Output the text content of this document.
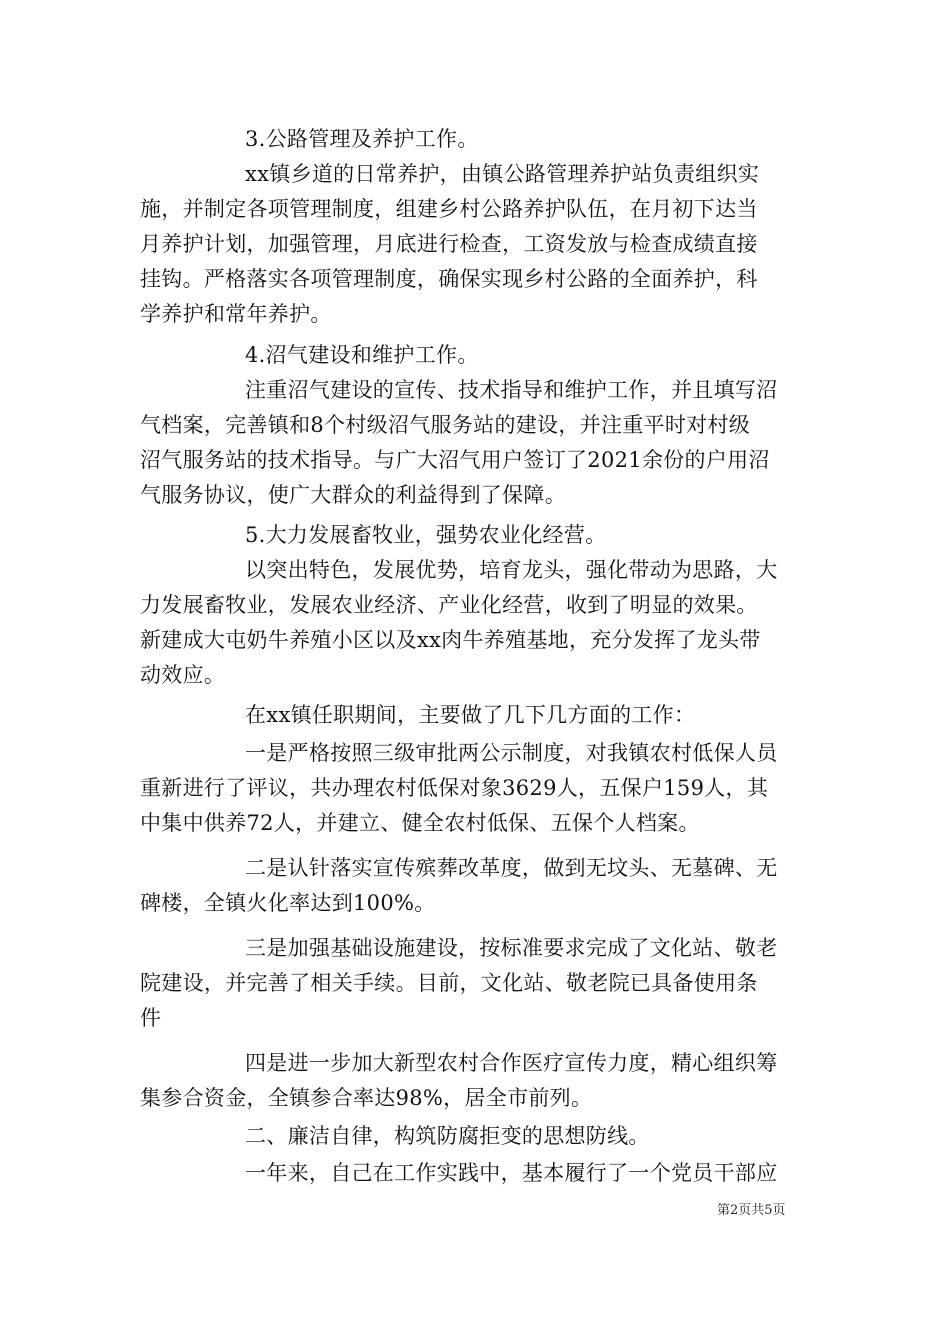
3.公路管理及养护工作。
xx镇乡道的日常养护，由镇公路管理养护站负责组织实
施，并制定各项管理制度，组建乡村公路养护队伍，在月初下达当
月养护计划，加强管理，月底进行检查，工资发放与检查成绩直接
挂钩。严格落实各项管理制度，确保实现乡村公路的全面养护，科
学养护和常年养护。
4.沼气建设和维护工作。
注重沼气建设的宣传、技术指导和维护工作，并且填写沼
气档案，完善镇和8个村级沼气服务站的建设，并注重平时对村级
沼气服务站的技术指导。与广大沼气用户签订了2021余份的户用沼
气服务协议，使广大群众的利益得到了保障。
5.大力发展畜牧业，强势农业化经营。
以突出特色，发展优势，培育龙头，强化带动为思路，大
力发展畜牧业，发展农业经济、产业化经营，收到了明显的效果。
新建成大屯奶牛养殖小区以及xx肉牛养殖基地，充分发挥了龙头带
动效应。
在xx镇任职期间，主要做了几下几方面的工作：
一是严格按照三级审批两公示制度，对我镇农村低保人员
重新进行了评议，共办理农村低保对象3629人，五保户159人，其
中集中供养72人，并建立、健全农村低保、五保个人档案。
二是认针落实宣传殡葬改革度，做到无坟头、无墓碑、无
碑楼，全镇火化率达到100%。
三是加强基础设施建设，按标准要求完成了文化站、敬老
院建设，并完善了相关手续。目前，文化站、敬老院已具备使用条
件
四是进一步加大新型农村合作医疗宣传力度，精心组织筹
集参合资金，全镇参合率达98%，居全市前列。
二、廉洁自律，构筑防腐拒变的思想防线。
一年来，自己在工作实践中，基本履行了一个党员干部应
第2页共5页
